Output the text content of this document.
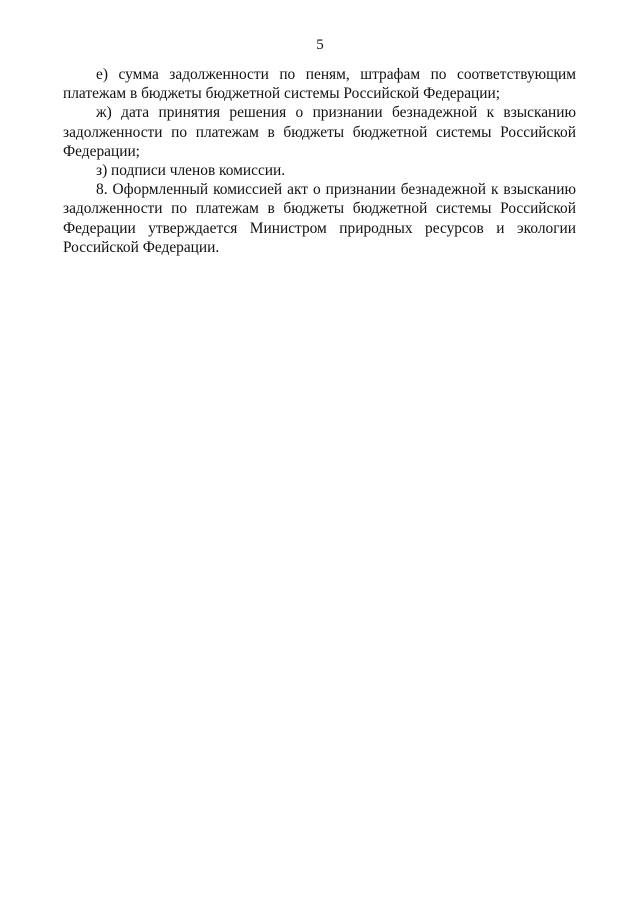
5

е) сумма задолженности по пеням, штрафам по соответствующим платежам в бюджеты бюджетной системы Российской Федерации;

ж) дата принятия решения о признании безнадежной к взысканию задолженности по платежам в бюджеты бюджетной системы Российской Федерации;

з) подписи членов комиссии.

8. Оформленный комиссией акт о признании безнадежной к взысканию задолженности по платежам в бюджеты бюджетной системы Российской Федерации утверждается Министром природных ресурсов и экологии Российской Федерации.
